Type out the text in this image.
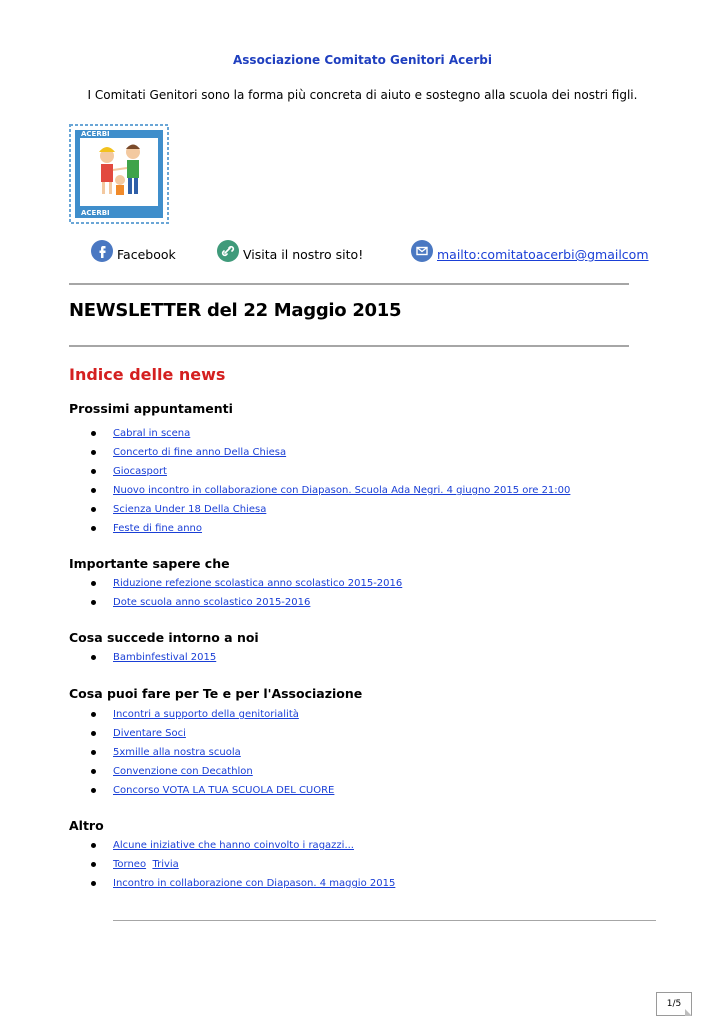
Associazione Comitato Genitori Acerbi
I Comitati Genitori sono la forma più concreta di aiuto e sostegno alla scuola dei nostri figli.
ACERBI
ACERBI
Facebook	Visita il nostro sito!	mailto:comitatoacerbi@gmailcom
NEWSLETTER del 22 Maggio 2015
Indice delle news
Prossimi appuntamenti
Cabral in scena
Concerto di fine anno Della Chiesa
Giocasport
Nuovo incontro in collaborazione con Diapason. Scuola Ada Negri. 4 giugno 2015 ore 21:00
Scienza Under 18 Della Chiesa
Feste di fine anno
Importante sapere che
Riduzione refezione scolastica anno scolastico 2015-2016
Dote scuola anno scolastico 2015-2016
Cosa succede intorno a noi
Bambinfestival 2015
Cosa puoi fare per Te e per l'Associazione
Incontri a supporto della genitorialità
Diventare Soci
5xmille alla nostra scuola
Convenzione con Decathlon
Concorso VOTA LA TUA SCUOLA DEL CUORE
Altro
Alcune iniziative che hanno coinvolto i ragazzi...
Torneo Trivia
Incontro in collaborazione con Diapason. 4 maggio 2015
1/5
